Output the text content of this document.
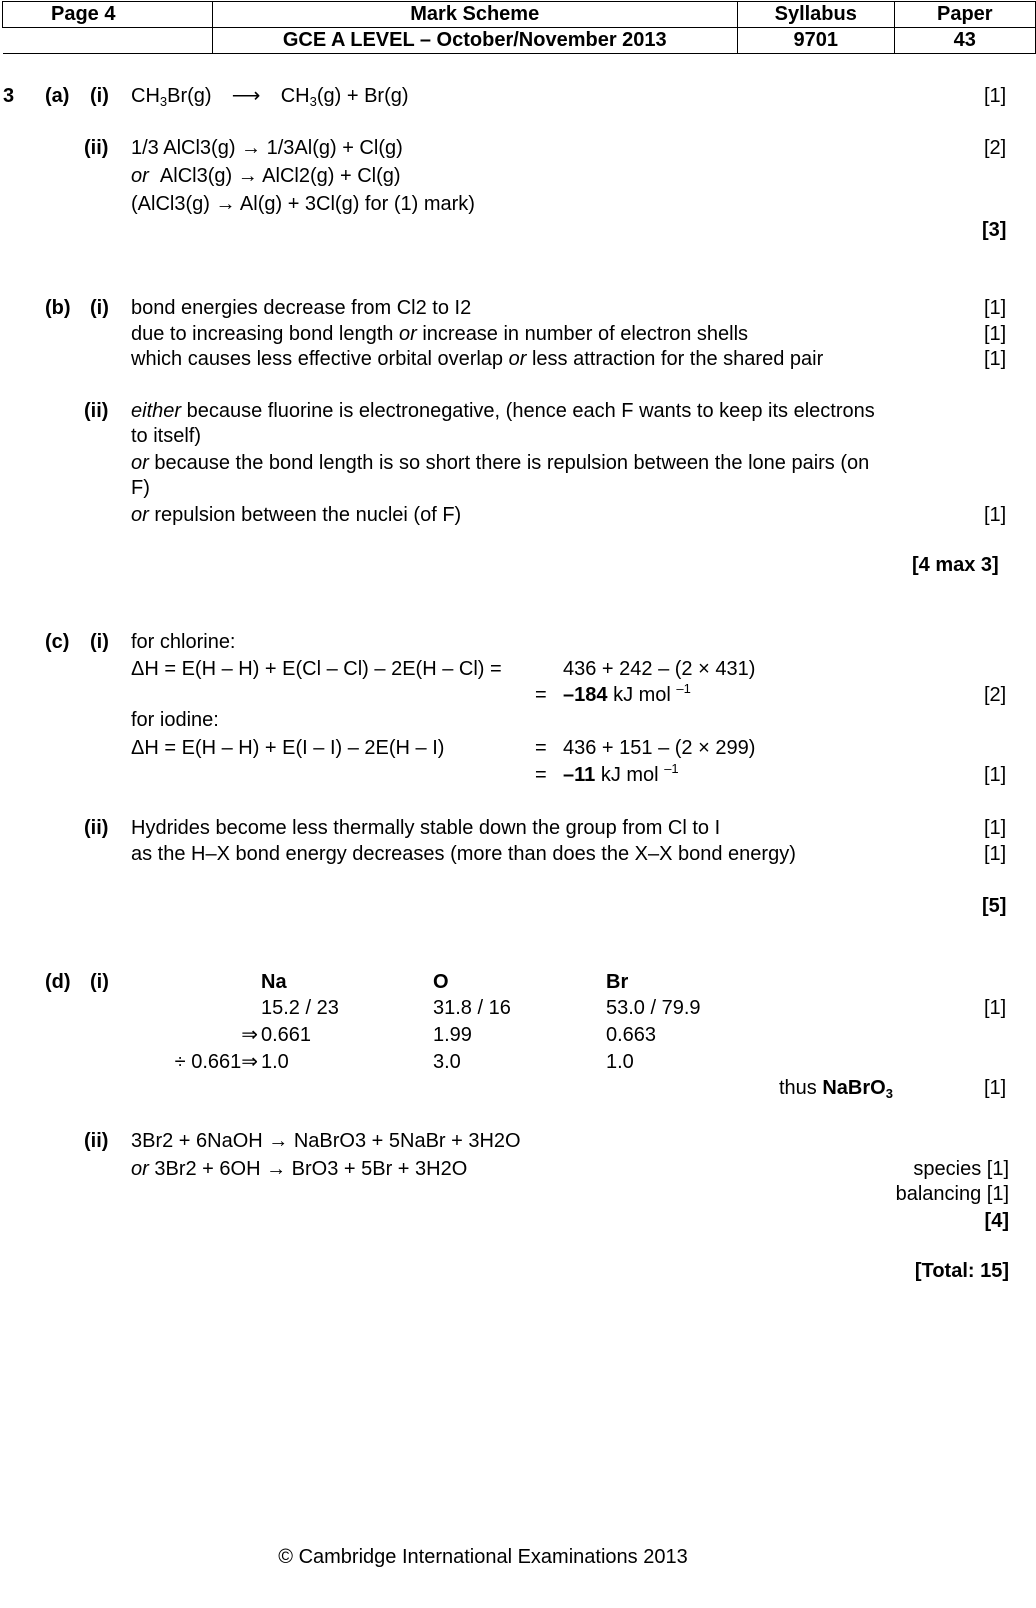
Page 4	Mark Scheme	Syllabus	Paper
	GCE A LEVEL – October/November 2013	9701	43
3 (a) (i) $CH_3Br(g)$ ⟶ $CH_3(g) + Br(g)$	[1]
(ii) 1/3 AlCl3(g) → 1/3Al(g) + Cl(g)	[2]
or AlCl3(g) → AlCl2(g) + Cl(g)
(AlCl3(g) → Al(g) + 3Cl(g) for (1) mark)
[3]
(b) (i) bond energies decrease from Cl2 to I2	[1]
due to increasing bond length or increase in number of electron shells	[1]
which causes less effective orbital overlap or less attraction for the shared pair	[1]
(ii) either because fluorine is electronegative, (hence each F wants to keep its electrons
to itself)
or because the bond length is so short there is repulsion between the lone pairs (on
F)
or repulsion between the nuclei (of F)	[1]
[4 max 3]
(c) (i) for chlorine:
ΔH = E(H – H) + E(Cl – Cl) – 2E(H – Cl) =	436 + 242 – (2 × 431)
= –184 kJ mol $^{-1}$	[2]
for iodine:
ΔH = E(H – H) + E(I – I) – 2E(H – I)	= 436 + 151 – (2 × 299)
= –11 kJ mol $^{-1}$	[1]
(ii) Hydrides become less thermally stable down the group from Cl to I	[1]
as the H–X bond energy decreases (more than does the X–X bond energy)	[1]
[5]
(d) (i)	Na	O	Br
15.2 / 23	31.8 / 16	53.0 / 79.9	[1]
⇒ 0.661	1.99	0.663
÷ 0.661⇒ 1.0	3.0	1.0
thus NaBrO$_3$	[1]
(ii) 3Br2 + 6NaOH → NaBrO3 + 5NaBr + 3H2O
or 3Br2 + 6OH → BrO3 + 5Br + 3H2O	species [1]
balancing [1]
[4]
[Total: 15]
© Cambridge International Examinations 2013
